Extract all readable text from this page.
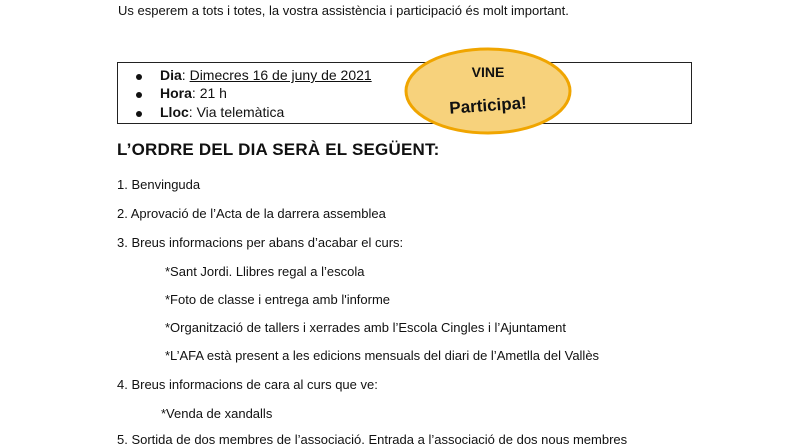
Us esperem a tots i totes, la vostra assistència i participació és molt important.
Dia: Dimecres 16 de juny de 2021
Hora: 21 h
Lloc: Via telemàtica
VINE
Participa!
L’ORDRE DEL DIA SERÀ EL SEGÜENT:
1. Benvinguda
2. Aprovació de l’Acta de la darrera assemblea
3. Breus informacions per abans d’acabar el curs:
*Sant Jordi. Llibres regal a l’escola
*Foto de classe i entrega amb l'informe
*Organització de tallers i xerrades amb l’Escola Cingles i l’Ajuntament
*L’AFA està present a les edicions mensuals del diari de l’Ametlla del Vallès
4. Breus informacions de cara al curs que ve:
*Venda de xandalls
5. Sortida de dos membres de l’associació. Entrada a l’associació de dos nous membres
